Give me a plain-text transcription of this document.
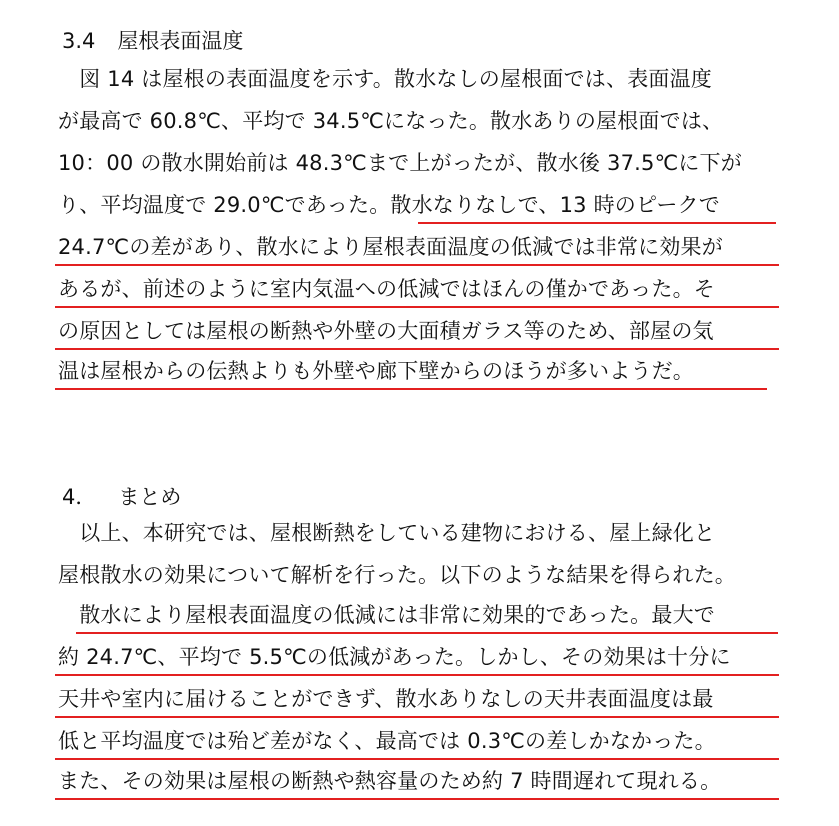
3.4 屋根表面温度
　図 14 は屋根の表面温度を示す。散水なしの屋根面では、表面温度
が最高で 60.8℃、平均で 34.5℃になった。散水ありの屋根面では、
10：00 の散水開始前は 48.3℃まで上がったが、散水後 37.5℃に下が
り、平均温度で 29.0℃であった。散水なりなしで、13 時のピークで
24.7℃の差があり、散水により屋根表面温度の低減では非常に効果が
あるが、前述のように室内気温への低減ではほんの僅かであった。そ
の原因としては屋根の断熱や外壁の大面積ガラス等のため、部屋の気
温は屋根からの伝熱よりも外壁や廊下壁からのほうが多いようだ。
4． まとめ
　以上、本研究では、屋根断熱をしている建物における、屋上緑化と
屋根散水の効果について解析を行った。以下のような結果を得られた。
　散水により屋根表面温度の低減には非常に効果的であった。最大で
約 24.7℃、平均で 5.5℃の低減があった。しかし、その効果は十分に
天井や室内に届けることができず、散水ありなしの天井表面温度は最
低と平均温度では殆ど差がなく、最高では 0.3℃の差しかなかった。
また、その効果は屋根の断熱や熱容量のため約 7 時間遅れて現れる。
